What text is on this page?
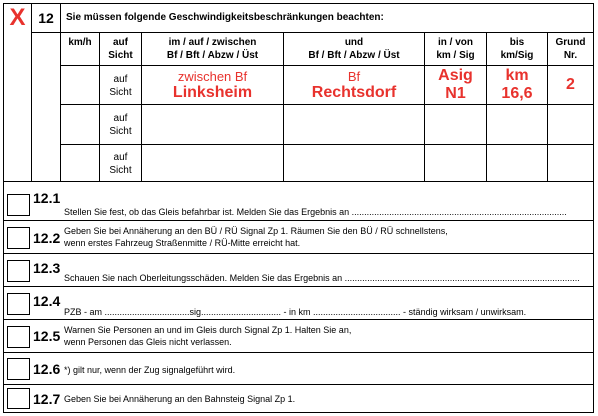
X 12	Sie müssen folgende Geschwindigkeitsbeschränkungen beachten:
km/h	auf
Sicht
im / auf / zwischen
Bf / Bft / Abzw / Üst
und
Bf / Bft / Abzw / Üst
in / von
km / Sig
bis
km/Sig
Grund
Nr.
auf
Sicht
zwischen Bf
Linksheim
Bf
Rechtsdorf
Asig
N1
km
16,6
2
auf
Sicht
auf
Sicht
12.1
Stellen Sie fest, ob das Gleis befahrbar ist. Melden Sie das Ergebnis an ......................................................................................
12.2 Geben Sie bei Annäherung an den BÜ / RÜ Signal Zp 1. Räumen Sie den BÜ / RÜ schnellstens,
wenn erstes Fahrzeug Straßenmitte / RÜ-Mitte erreicht hat.
12.3
Schauen Sie nach Oberleitungsschäden. Melden Sie das Ergebnis an ..............................................................................................
12.4
PZB - am ..................................sig................................ - in km ................................... - ständig wirksam / unwirksam.
12.5 Warnen Sie Personen an und im Gleis durch Signal Zp 1. Halten Sie an,
wenn Personen das Gleis nicht verlassen.
12.6 *) gilt nur, wenn der Zug signalgeführt wird.
12.7 Geben Sie bei Annäherung an den Bahnsteig Signal Zp 1.
